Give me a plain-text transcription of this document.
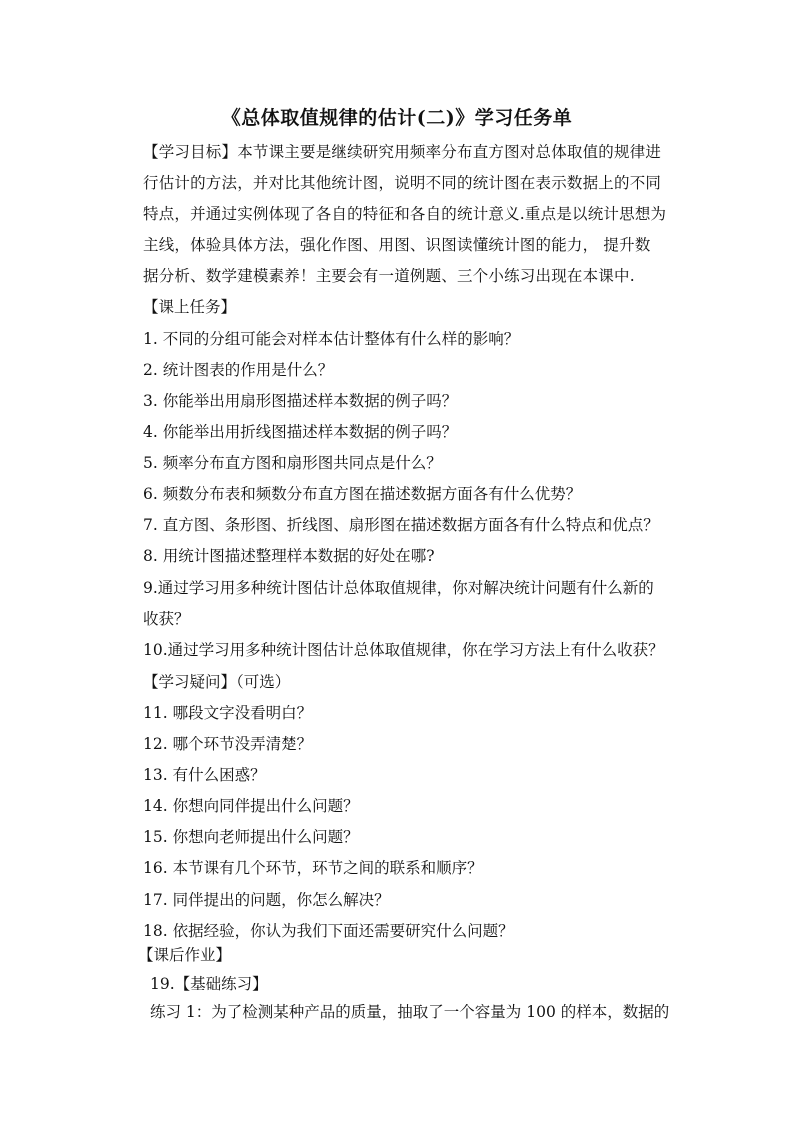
《总体取值规律的估计(二)》学习任务单
【学习目标】本节课主要是继续研究用频率分布直方图对总体取值的规律进
行估计的方法，并对比其他统计图，说明不同的统计图在表示数据上的不同
特点，并通过实例体现了各自的特征和各自的统计意义.重点是以统计思想为
主线，体验具体方法，强化作图、用图、识图读懂统计图的能力， 提升数
据分析、数学建模素养！主要会有一道例题、三个小练习出现在本课中.
【课上任务】
1. 不同的分组可能会对样本估计整体有什么样的影响？
2. 统计图表的作用是什么？
3. 你能举出用扇形图描述样本数据的例子吗？
4. 你能举出用折线图描述样本数据的例子吗？
5. 频率分布直方图和扇形图共同点是什么？
6. 频数分布表和频数分布直方图在描述数据方面各有什么优势？
7. 直方图、条形图、折线图、扇形图在描述数据方面各有什么特点和优点？
8. 用统计图描述整理样本数据的好处在哪?
9.通过学习用多种统计图估计总体取值规律，你对解决统计问题有什么新的
收获？
10.通过学习用多种统计图估计总体取值规律，你在学习方法上有什么收获？
【学习疑问】（可选）
11. 哪段文字没看明白？
12. 哪个环节没弄清楚？
13. 有什么困惑？
14. 你想向同伴提出什么问题？
15. 你想向老师提出什么问题？
16. 本节课有几个环节，环节之间的联系和顺序？
17. 同伴提出的问题，你怎么解决？
18. 依据经验，你认为我们下面还需要研究什么问题？
【课后作业】
19.【基础练习】
练习 1：为了检测某种产品的质量，抽取了一个容量为 100 的样本，数据的
